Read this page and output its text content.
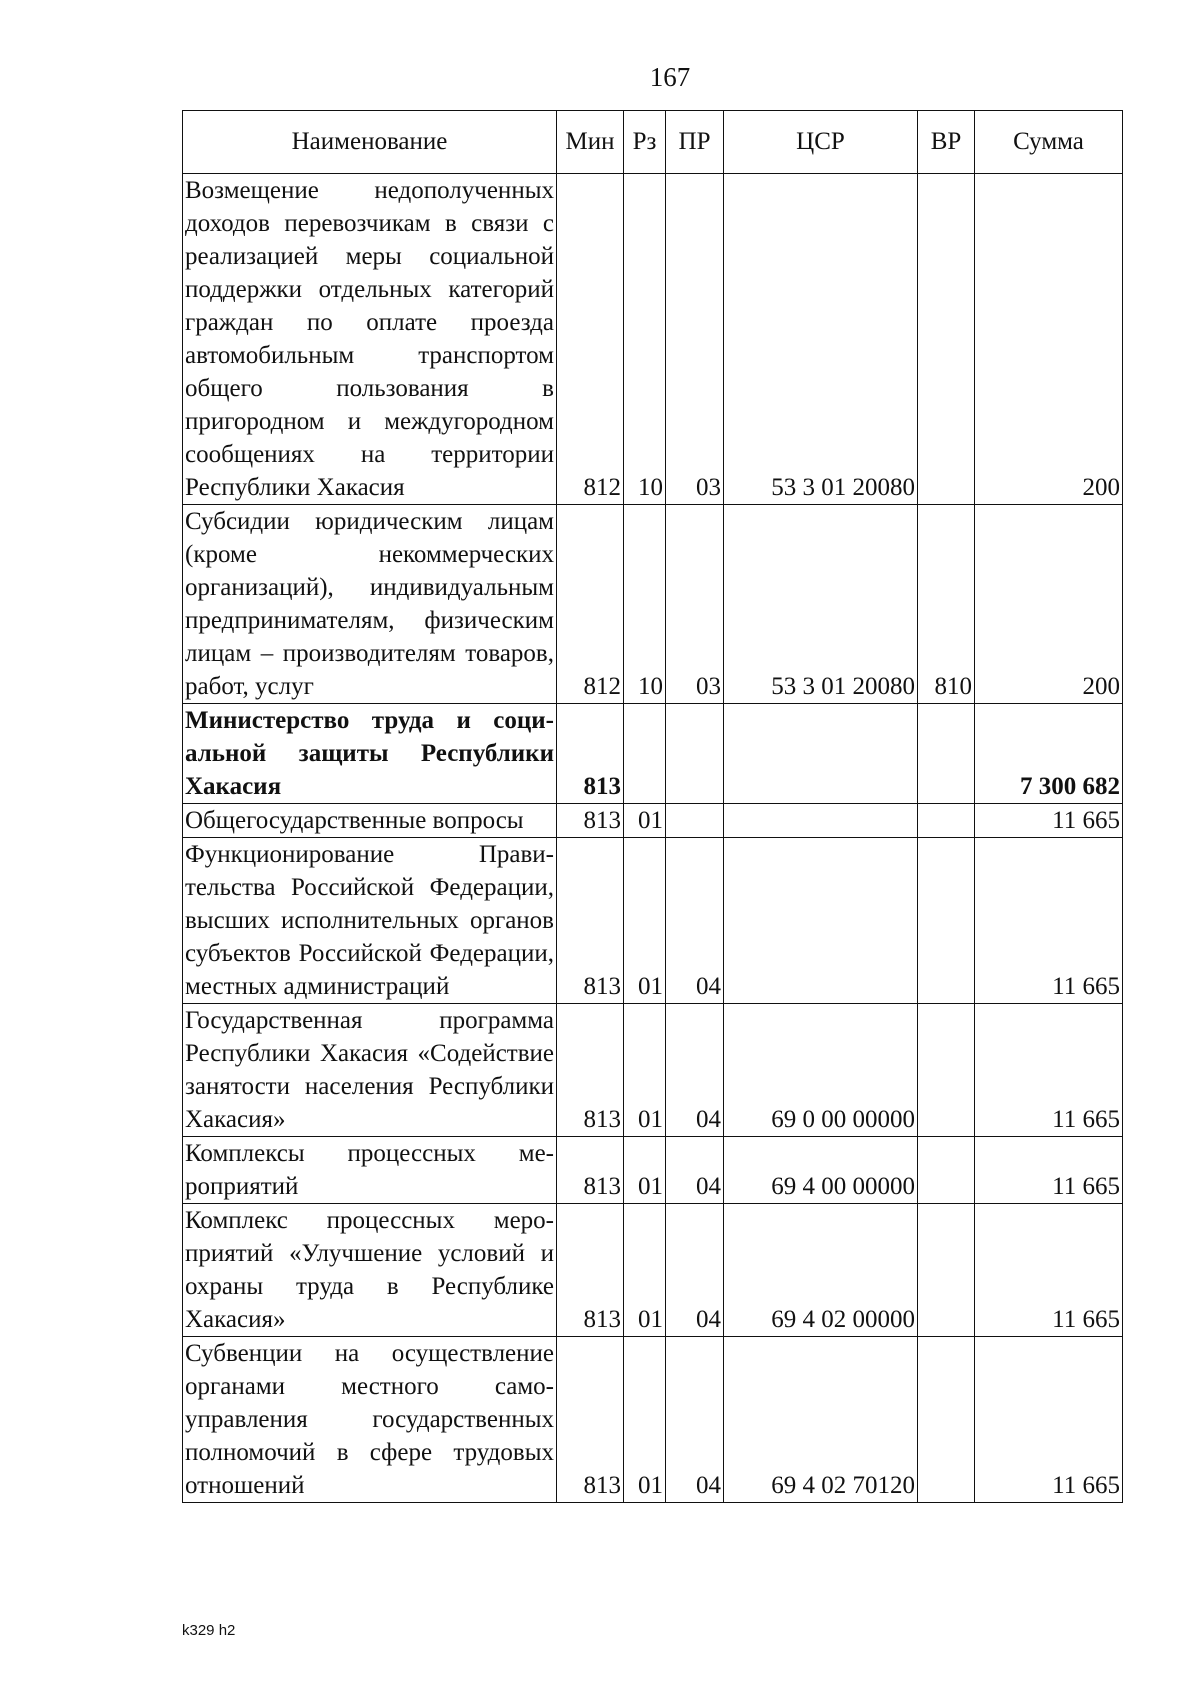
167
Наименование	Мин	Рз	ПР	ЦСР	ВР	Сумма
Возмещение недополученных доходов перевозчикам в связи с реализацией меры социальной поддержки отдельных категорий граждан по оплате проезда автомобильным транспортом общего пользования в пригородном и междугородном сообщениях на территории Республики Хакасия	812	10	03	53 3 01 20080		200
Субсидии юридическим лицам (кроме некоммерческих организаций), индивидуальным предпринимателям, физическим лицам – производителям товаров, работ, услуг	812	10	03	53 3 01 20080	810	200
Министерство труда и социальной защиты Республики Хакасия	813					7 300 682
Общегосударственные вопросы	813	01				11 665
Функционирование Правительства Российской Федерации, высших исполнительных органов субъектов Российской Федерации, местных администраций	813	01	04			11 665
Государственная программа Республики Хакасия «Содействие занятости населения Республики Хакасия»	813	01	04	69 0 00 00000		11 665
Комплексы процессных мероприятий	813	01	04	69 4 00 00000		11 665
Комплекс процессных мероприятий «Улучшение условий и охраны труда в Республике Хакасия»	813	01	04	69 4 02 00000		11 665
Субвенции на осуществление органами местного самоуправления государственных полномочий в сфере трудовых отношений	813	01	04	69 4 02 70120		11 665
k329 h2
